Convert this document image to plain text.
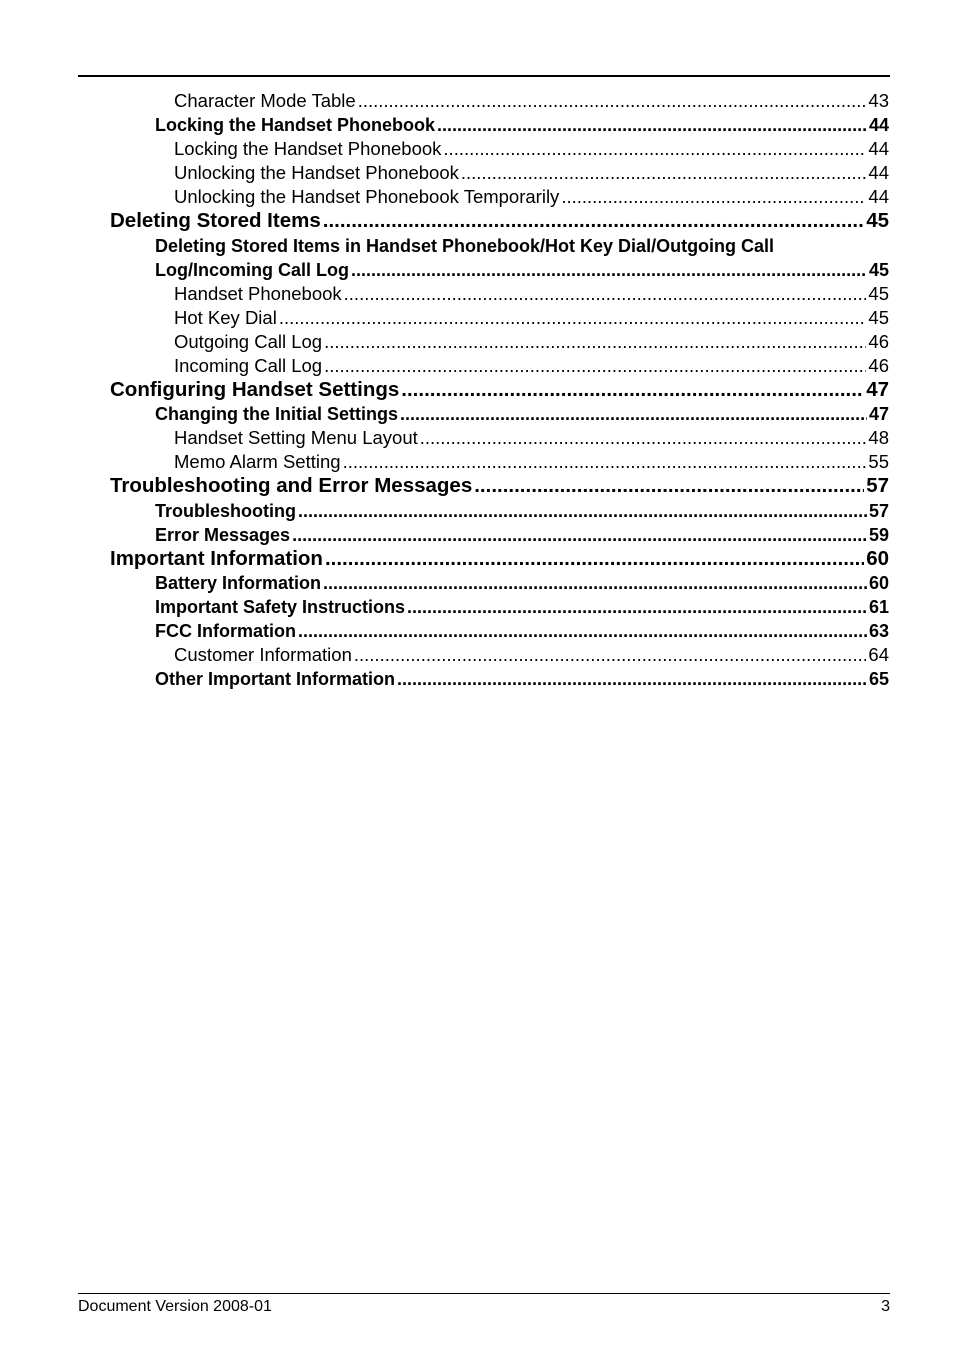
Character Mode Table .....	43
Locking the Handset Phonebook .....	44
Locking the Handset Phonebook .....	44
Unlocking the Handset Phonebook .....	44
Unlocking the Handset Phonebook Temporarily .....	44
Deleting Stored Items .....	45
Deleting Stored Items in Handset Phonebook/Hot Key Dial/Outgoing Call
Log/Incoming Call Log .....	45
Handset Phonebook .....	45
Hot Key Dial .....	45
Outgoing Call Log .....	46
Incoming Call Log .....	46
Configuring Handset Settings .....	47
Changing the Initial Settings .....	47
Handset Setting Menu Layout .....	48
Memo Alarm Setting .....	55
Troubleshooting and Error Messages .....	57
Troubleshooting .....	57
Error Messages .....	59
Important Information .....	60
Battery Information .....	60
Important Safety Instructions .....	61
FCC Information .....	63
Customer Information .....	64
Other Important Information .....	65
Document Version 2008-01	3
